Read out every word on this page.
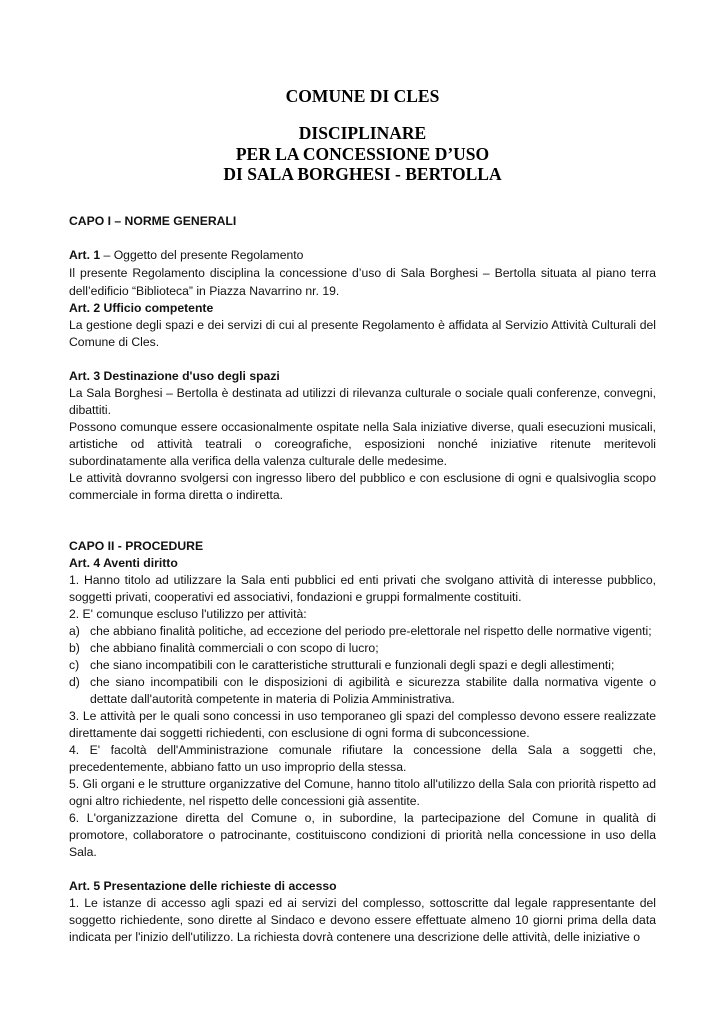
COMUNE DI CLES
DISCIPLINARE
PER LA CONCESSIONE D’USO
DI SALA BORGHESI - BERTOLLA

CAPO I – NORME GENERALI

Art. 1 – Oggetto del presente Regolamento

Il presente Regolamento disciplina la concessione d’uso di Sala Borghesi – Bertolla situata al piano terra dell’edificio “Biblioteca” in Piazza Navarrino nr. 19.

Art. 2 Ufficio competente

La gestione degli spazi e dei servizi di cui al presente Regolamento è affidata al Servizio Attività Culturali del Comune di Cles.

Art. 3 Destinazione d'uso degli spazi

La Sala Borghesi – Bertolla è destinata ad utilizzi di rilevanza culturale o sociale quali conferenze, convegni, dibattiti.

Possono comunque essere occasionalmente ospitate nella Sala iniziative diverse, quali esecuzioni musicali, artistiche od attività teatrali o coreografiche, esposizioni nonché iniziative ritenute meritevoli subordinatamente alla verifica della valenza culturale delle medesime.

Le attività dovranno svolgersi con ingresso libero del pubblico e con esclusione di ogni e qualsivoglia scopo commerciale in forma diretta o indiretta.

CAPO II - PROCEDURE

Art. 4 Aventi diritto

1. Hanno titolo ad utilizzare la Sala enti pubblici ed enti privati che svolgano attività di interesse pubblico, soggetti privati, cooperativi ed associativi, fondazioni e gruppi formalmente costituiti.

2. E' comunque escluso l'utilizzo per attività:

a) che abbiano finalità politiche, ad eccezione del periodo pre-elettorale nel rispetto delle normative vigenti;
b) che abbiano finalità commerciali o con scopo di lucro;
c) che siano incompatibili con le caratteristiche strutturali e funzionali degli spazi e degli allestimenti;
d) che siano incompatibili con le disposizioni di agibilità e sicurezza stabilite dalla normativa vigente o dettate dall'autorità competente in materia di Polizia Amministrativa.

3. Le attività per le quali sono concessi in uso temporaneo gli spazi del complesso devono essere realizzate direttamente dai soggetti richiedenti, con esclusione di ogni forma di subconcessione.

4. E' facoltà dell'Amministrazione comunale rifiutare la concessione della Sala a soggetti che, precedentemente, abbiano fatto un uso improprio della stessa.

5. Gli organi e le strutture organizzative del Comune, hanno titolo all'utilizzo della Sala con priorità rispetto ad ogni altro richiedente, nel rispetto delle concessioni già assentite.

6. L'organizzazione diretta del Comune o, in subordine, la partecipazione del Comune in qualità di promotore, collaboratore o patrocinante, costituiscono condizioni di priorità nella concessione in uso della Sala.

Art. 5 Presentazione delle richieste di accesso

1. Le istanze di accesso agli spazi ed ai servizi del complesso, sottoscritte dal legale rappresentante del soggetto richiedente, sono dirette al Sindaco e devono essere effettuate almeno 10 giorni prima della data indicata per l'inizio dell'utilizzo. La richiesta dovrà contenere una descrizione delle attività, delle iniziative o
